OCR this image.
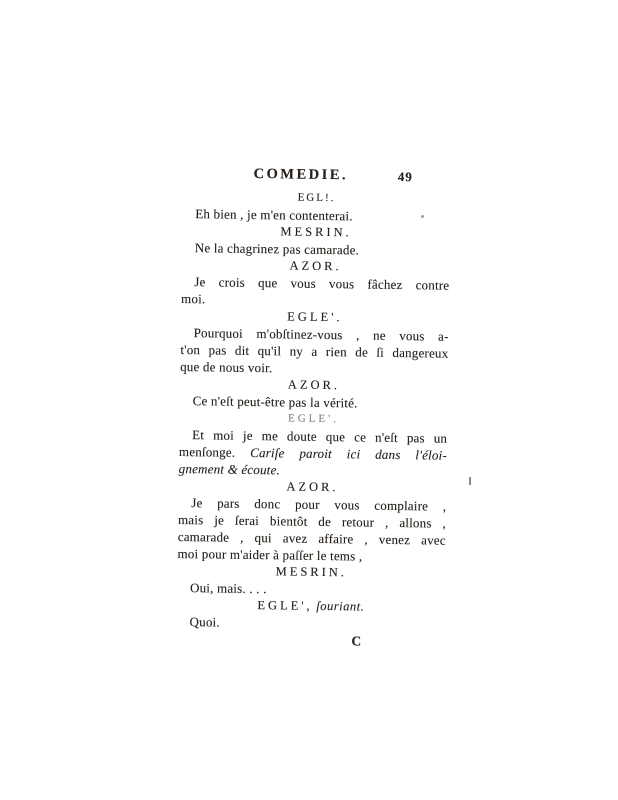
COMEDIE.	49
EGL!.
Eh bien , je m'en contenterai.
MESRIN.
Ne la chagrinez pas camarade.
AZOR.
Je crois que vous vous fâchez contre
moi.
EGLE'.
Pourquoi m'obſtinez-vous , ne vous a-
t'on pas dit qu'il ny a rien de ſi dangereux
que de nous voir.
AZOR.
Ce n'eſt peut-être pas la vérité.
EGLE'.
Et moi je me doute que ce n'eſt pas un
menſonge. Cariſe paroit ici dans l'éloi-
gnement & écoute.
AZOR.
Je pars donc pour vous complaire ,
mais je ſerai bientôt de retour , allons ,
camarade , qui avez affaire , venez avec
moi pour m'aider à paſſer le tems ,
MESRIN.
Oui, mais. . . .
EGLE', ſouriant.
Quoi.
C
